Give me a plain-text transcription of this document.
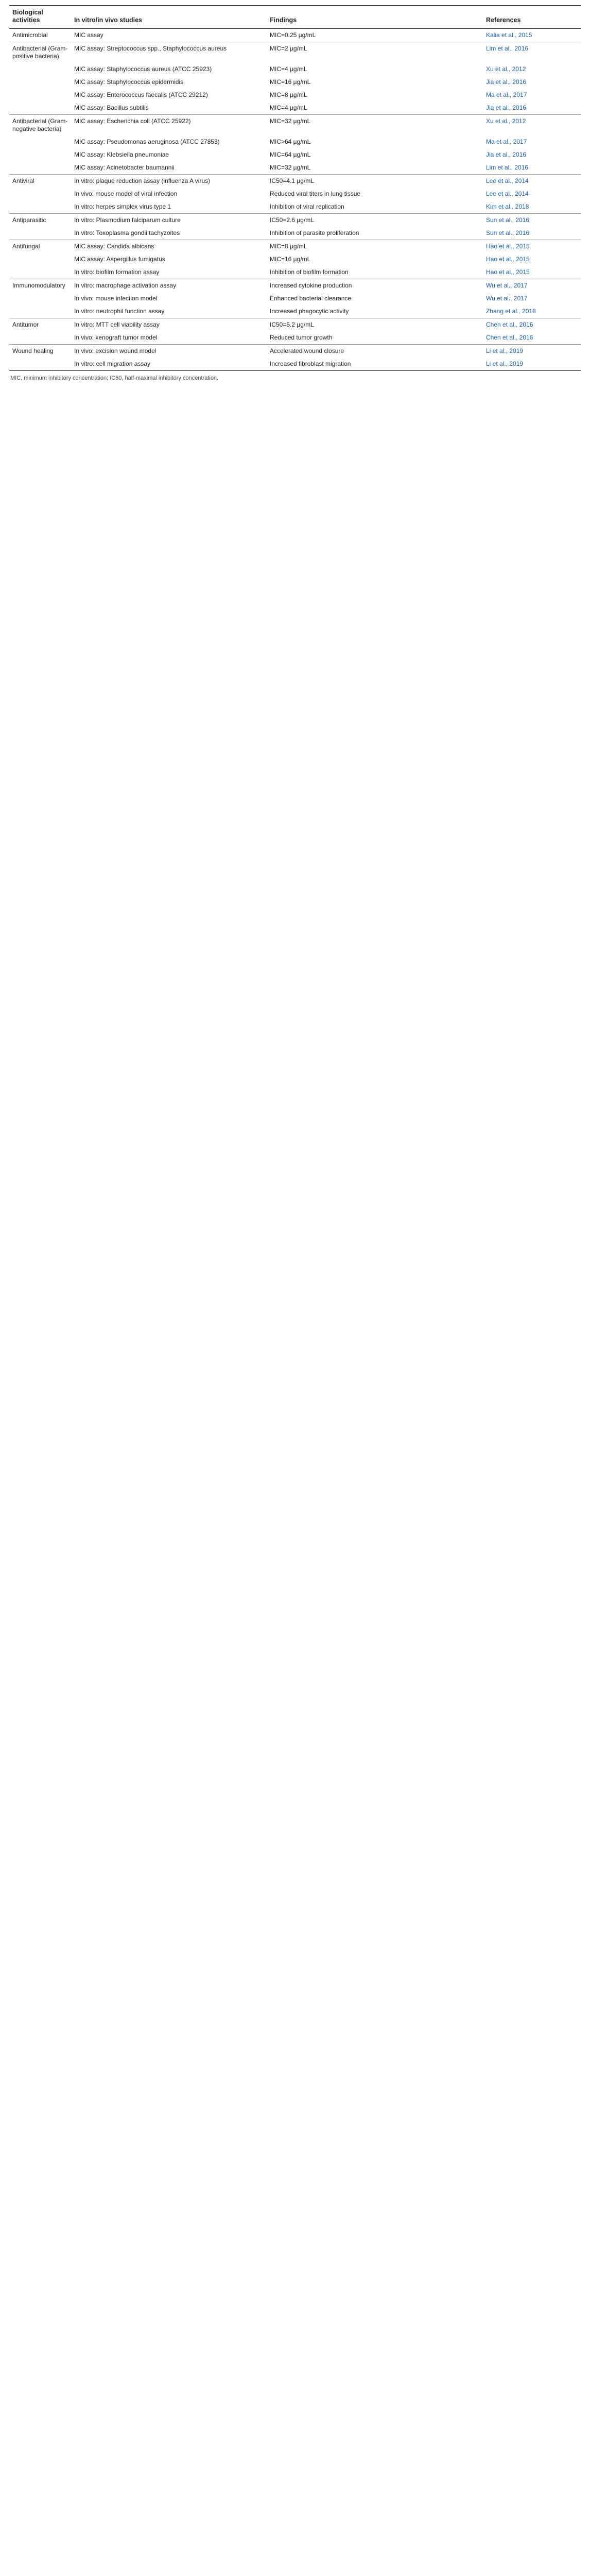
Biological activities	In vitro/in vivo studies	Findings	References
Antimicrobial	MIC assay	MIC=0.25 µg/mL	Kalia et al., 2015
Antibacterial (Gram-positive bacteria)	MIC assay: Streptococcus spp., Staphylococcus aureus	MIC=2 µg/mL	Lim et al., 2016
	MIC assay: Staphylococcus aureus (ATCC 25923)	MIC=4 µg/mL	Xu et al., 2012
	MIC assay: Staphylococcus epidermidis	MIC=16 µg/mL	Jia et al., 2016
	MIC assay: Enterococcus faecalis (ATCC 29212)	MIC=8 µg/mL	Ma et al., 2017
	MIC assay: Bacillus subtilis	MIC=4 µg/mL	Jia et al., 2016
Antibacterial (Gram-negative bacteria)	MIC assay: Escherichia coli (ATCC 25922)	MIC=32 µg/mL	Xu et al., 2012
	MIC assay: Pseudomonas aeruginosa (ATCC 27853)	MIC>64 µg/mL	Ma et al., 2017
	MIC assay: Klebsiella pneumoniae	MIC=64 µg/mL	Jia et al., 2016
	MIC assay: Acinetobacter baumannii	MIC=32 µg/mL	Lim et al., 2016
Antiviral	In vitro: plaque reduction assay (influenza A virus)	IC50=4.1 µg/mL	Lee et al., 2014
	In vivo: mouse model of viral infection	Reduced viral titers in lung tissue	Lee et al., 2014
	In vitro: herpes simplex virus type 1	Inhibition of viral replication	Kim et al., 2018
Antiparasitic	In vitro: Plasmodium falciparum culture	IC50=2.6 µg/mL	Sun et al., 2016
	In vitro: Toxoplasma gondii tachyzoites	Inhibition of parasite proliferation	Sun et al., 2016
Antifungal	MIC assay: Candida albicans	MIC=8 µg/mL	Hao et al., 2015
	MIC assay: Aspergillus fumigatus	MIC=16 µg/mL	Hao et al., 2015
	In vitro: biofilm formation assay	Inhibition of biofilm formation	Hao et al., 2015
Immunomodulatory	In vitro: macrophage activation assay	Increased cytokine production	Wu et al., 2017
	In vivo: mouse infection model	Enhanced bacterial clearance	Wu et al., 2017
	In vitro: neutrophil function assay	Increased phagocytic activity	Zhang et al., 2018
Antitumor	In vitro: MTT cell viability assay	IC50=5.2 µg/mL	Chen et al., 2016
	In vivo: xenograft tumor model	Reduced tumor growth	Chen et al., 2016
Wound healing	In vivo: excision wound model	Accelerated wound closure	Li et al., 2019
	In vitro: cell migration assay	Increased fibroblast migration	Li et al., 2019
MIC, minimum inhibitory concentration; IC50, half-maximal inhibitory concentration.
